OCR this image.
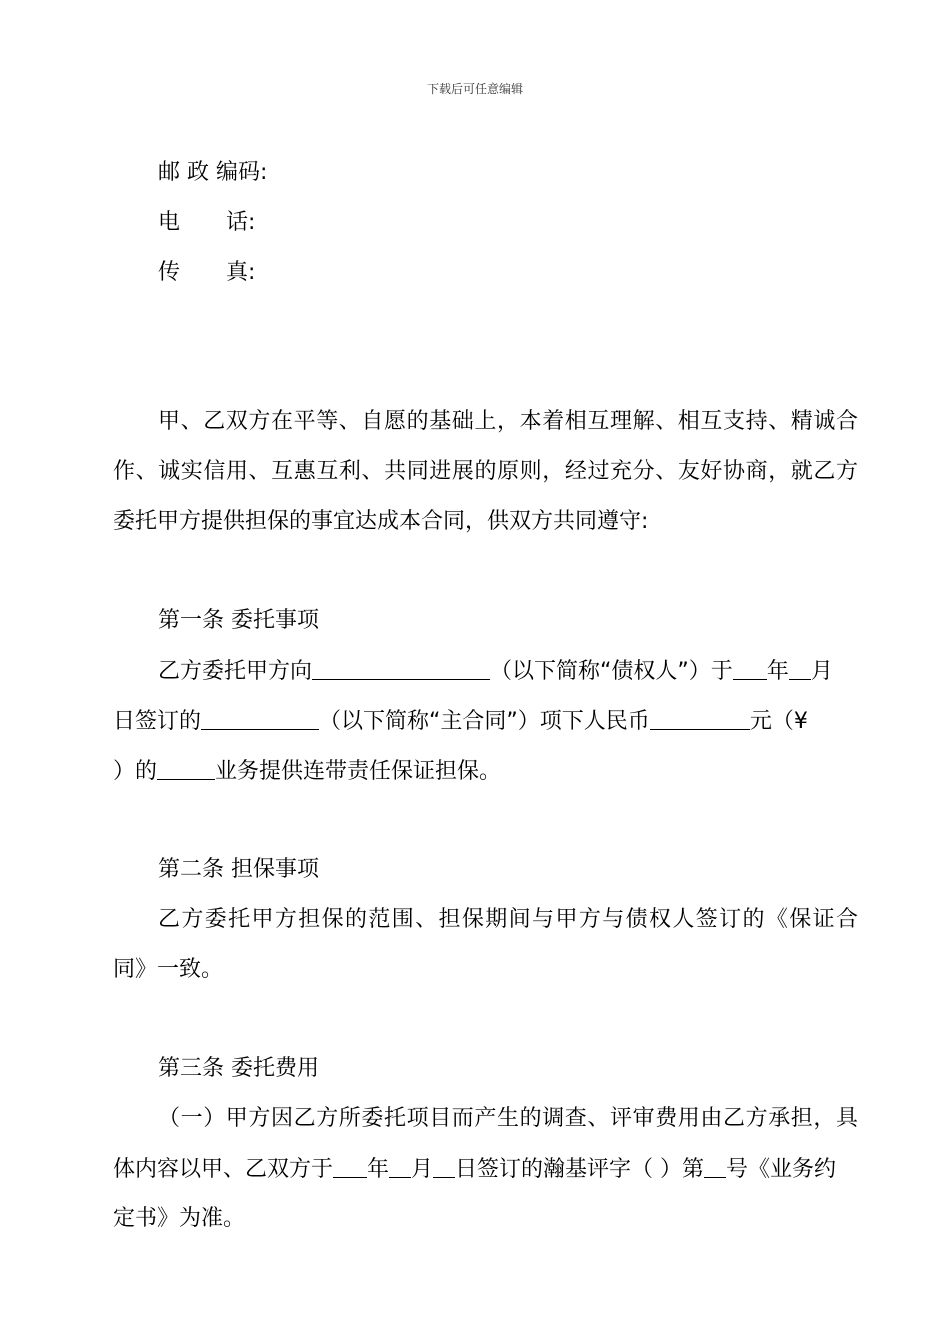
下载后可任意编辑
邮 政 编码:
电 话:
传 真:
甲、乙双方在平等、自愿的基础上，本着相互理解、相互支持、精诚合
作、诚实信用、互惠互利、共同进展的原则，经过充分、友好协商，就乙方
委托甲方提供担保的事宜达成本合同，供双方共同遵守:
第一条 委托事项
乙方委托甲方向	（以下简称“债权人”）于 年 月
日签订的	（以下简称“主合同”）项下人民币	元（¥
）的	业务提供连带责任保证担保。
第二条 担保事项
乙方委托甲方担保的范围、担保期间与甲方与债权人签订的《保证合
同》一致。
第三条 委托费用
（一）甲方因乙方所委托项目而产生的调查、评审费用由乙方承担，具
体内容以甲、乙双方于 年 月 日签订的瀚基评字（ ）第 号《业务约
定书》为准。
